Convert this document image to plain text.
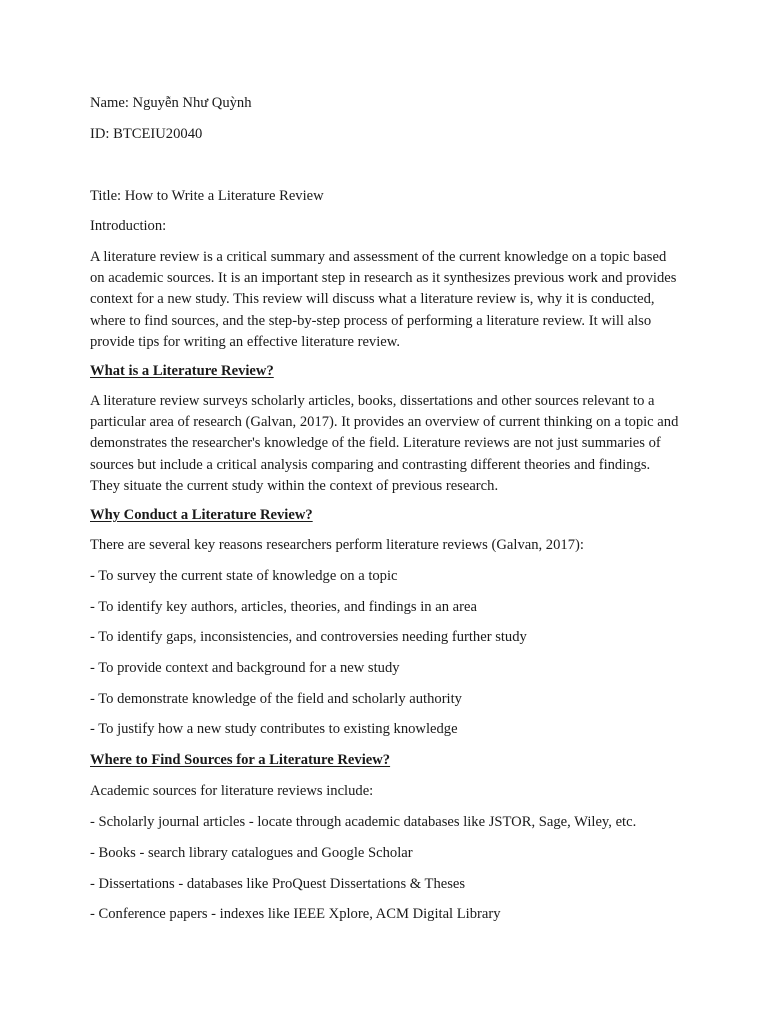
Name: Nguyễn Như Quỳnh
ID: BTCEIU20040
Title: How to Write a Literature Review
Introduction:

A literature review is a critical summary and assessment of the current knowledge on a topic based on academic sources. It is an important step in research as it synthesizes previous work and provides context for a new study. This review will discuss what a literature review is, why it is conducted, where to find sources, and the step-by-step process of performing a literature review. It will also provide tips for writing an effective literature review.

What is a Literature Review?

A literature review surveys scholarly articles, books, dissertations and other sources relevant to a particular area of research (Galvan, 2017). It provides an overview of current thinking on a topic and demonstrates the researcher's knowledge of the field. Literature reviews are not just summaries of sources but include a critical analysis comparing and contrasting different theories and findings. They situate the current study within the context of previous research.

Why Conduct a Literature Review?
There are several key reasons researchers perform literature reviews (Galvan, 2017):
- To survey the current state of knowledge on a topic
- To identify key authors, articles, theories, and findings in an area
- To identify gaps, inconsistencies, and controversies needing further study
- To provide context and background for a new study
- To demonstrate knowledge of the field and scholarly authority
- To justify how a new study contributes to existing knowledge
Where to Find Sources for a Literature Review?
Academic sources for literature reviews include:
- Scholarly journal articles - locate through academic databases like JSTOR, Sage, Wiley, etc.
- Books - search library catalogues and Google Scholar
- Dissertations - databases like ProQuest Dissertations & Theses
- Conference papers - indexes like IEEE Xplore, ACM Digital Library
